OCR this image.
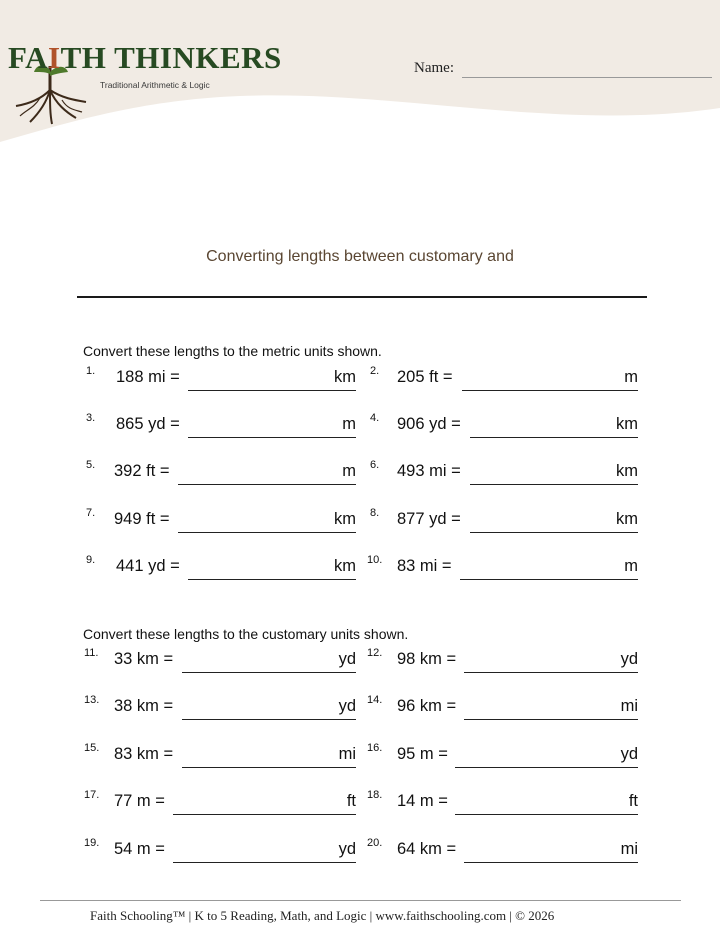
FAITH THINKERS
Traditional Arithmetic & Logic
Name:
Converting lengths between customary and
Convert these lengths to the metric units shown.
1. 188 mi =	km 2. 205 ft =	m
3. 865 yd =	m 4. 906 yd =	km
5. 392 ft =	m 6. 493 mi =	km
7. 949 ft =	km 8. 877 yd =	km
9. 441 yd =	km 10. 83 mi =	m
Convert these lengths to the customary units shown.
11. 33 km =	yd 12. 98 km =	yd
13. 38 km =	yd 14. 96 km =	mi
15. 83 km =	mi 16. 95 m =	yd
17. 77 m =	ft 18. 14 m =	ft
19. 54 m =	yd 20. 64 km =	mi
Faith Schooling™ | K to 5 Reading, Math, and Logic | www.faithschooling.com | © 2026
